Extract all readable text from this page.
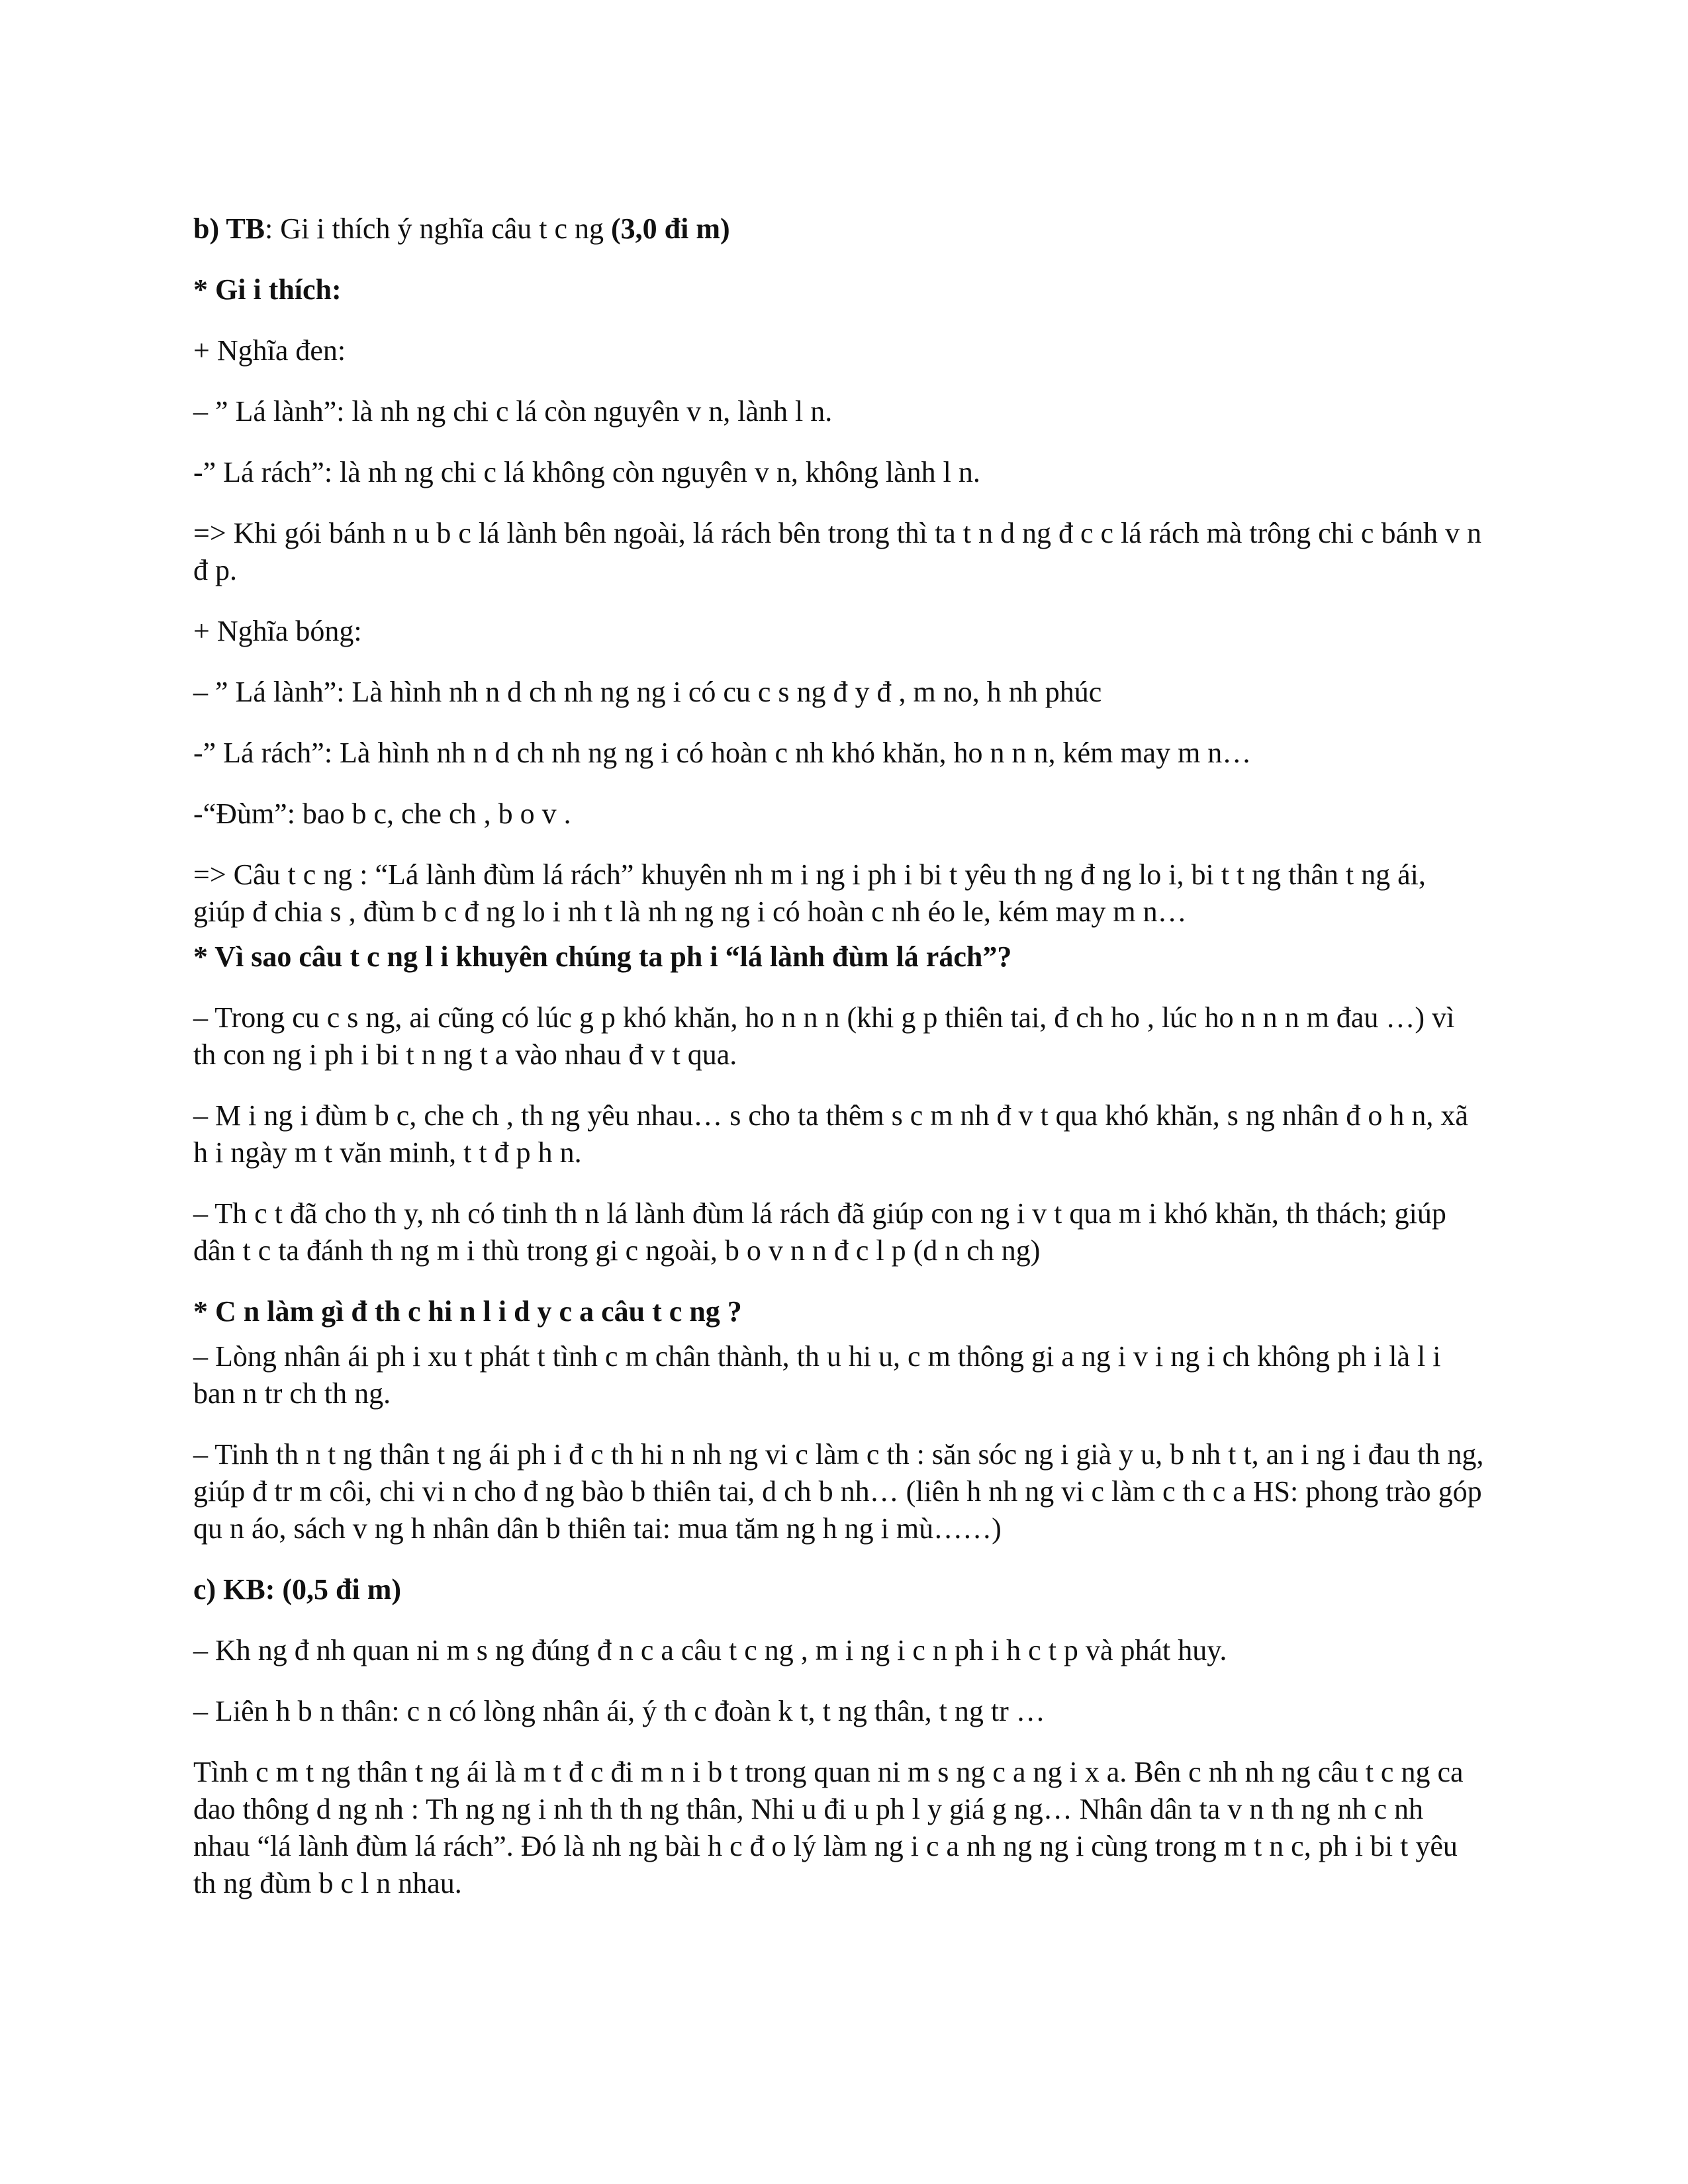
b) TB: Gi i thích ý nghĩa câu t c ng (3,0 đi m)

* Gi i thích:

+ Nghĩa đen:

– ” Lá lành”: là nh ng chi c lá còn nguyên v n, lành l n.

-” Lá rách”: là nh ng chi c lá không còn nguyên v n, không lành l n.

=> Khi gói bánh n u b c lá lành bên ngoài, lá rách bên trong thì ta t n d ng đ c c lá rách mà trông chi c bánh v n đ p.

+ Nghĩa bóng:

– ” Lá lành”: Là hình nh n d ch nh ng ng i có cu c s ng đ y đ , m no, h nh phúc

-” Lá rách”: Là hình nh n d ch nh ng ng i có hoàn c nh khó khăn, ho n n n, kém may m n…

-“Đùm”: bao b c, che ch , b o v .

=> Câu t c ng : “Lá lành đùm lá rách” khuyên nh m i ng i ph i bi t yêu th ng đ ng lo i, bi t t ng thân t ng ái, giúp đ chia s , đùm b c đ ng lo i nh t là nh ng ng i có hoàn c nh éo le, kém may m n…

* Vì sao câu t c ng l i khuyên chúng ta ph i “lá lành đùm lá rách”?

– Trong cu c s ng, ai cũng có lúc g p khó khăn, ho n n n (khi g p thiên tai, đ ch ho , lúc ho n n n m đau …) vì th con ng i ph i bi t n ng t a vào nhau đ v t qua.

– M i ng i đùm b c, che ch , th ng yêu nhau… s cho ta thêm s c m nh đ v t qua khó khăn, s ng nhân đ o h n, xã h i ngày m t văn minh, t t đ p h n.

– Th c t đã cho th y, nh có tinh th n lá lành đùm lá rách đã giúp con ng i v t qua m i khó khăn, th thách; giúp dân t c ta đánh th ng m i thù trong gi c ngoài, b o v n n đ c l p (d n ch ng)

* C n làm gì đ th c hi n l i d y c a câu t c ng ?

– Lòng nhân ái ph i xu t phát t tình c m chân thành, th u hi u, c m thông gi a ng i v i ng i ch không ph i là l i ban n tr ch th ng.

– Tinh th n t ng thân t ng ái ph i đ c th hi n nh ng vi c làm c th : săn sóc ng i già y u, b nh t t, an i ng i đau th ng, giúp đ tr m côi, chi vi n cho đ ng bào b thiên tai, d ch b nh… (liên h nh ng vi c làm c th c a HS: phong trào góp qu n áo, sách v ng h nhân dân b thiên tai: mua tăm ng h ng i mù……)

c) KB: (0,5 đi m)

– Kh ng đ nh quan ni m s ng đúng đ n c a câu t c ng , m i ng i c n ph i h c t p và phát huy.

– Liên h b n thân: c n có lòng nhân ái, ý th c đoàn k t, t ng thân, t ng tr …

Tình c m t ng thân t ng ái là m t đ c đi m n i b t trong quan ni m s ng c a ng i x a. Bên c nh nh ng câu t c ng ca dao thông d ng nh : Th ng ng i nh th th ng thân, Nhi u đi u ph l y giá g ng… Nhân dân ta v n th ng nh c nh nhau “lá lành đùm lá rách”. Đó là nh ng bài h c đ o lý làm ng i c a nh ng ng i cùng trong m t n c, ph i bi t yêu th ng đùm b c l n nhau.
